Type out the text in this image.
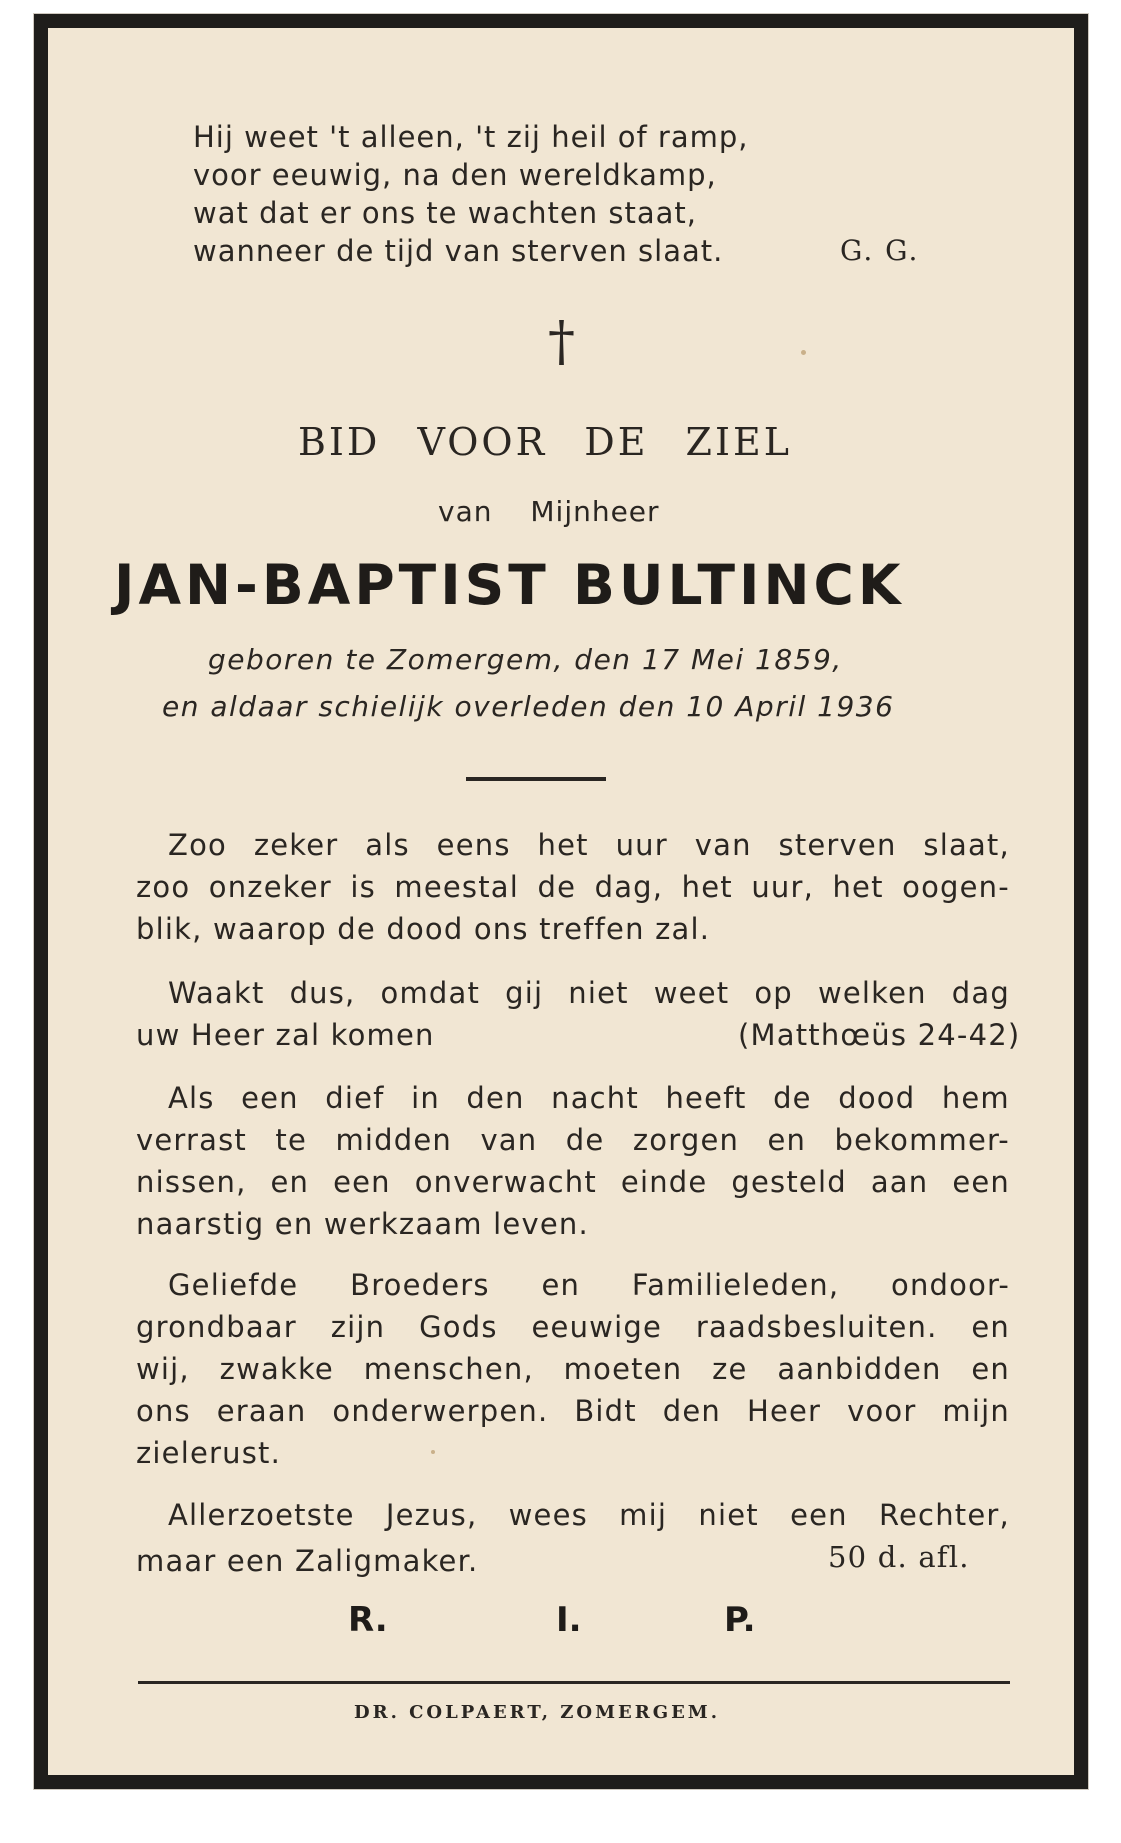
Hij weet 't alleen, 't zij heil of ramp,
voor eeuwig, na den wereldkamp,
wat dat er ons te wachten staat,
wanneer de tijd van sterven slaat.	G. G.
†
BID VOOR DE ZIEL
van Mijnheer
JAN-BAPTIST BULTINCK
geboren te Zomergem, den 17 Mei 1859,
en aldaar schielijk overleden den 10 April 1936
Zoo zeker als eens het uur van sterven slaat,
zoo onzeker is meestal de dag, het uur, het oogen-
blik, waarop de dood ons treffen zal.
Waakt dus, omdat gij niet weet op welken dag
uw Heer zal komen	(Matthœüs 24-42)
Als een dief in den nacht heeft de dood hem
verrast te midden van de zorgen en bekommer-
nissen, en een onverwacht einde gesteld aan een
naarstig en werkzaam leven.
Geliefde Broeders en Familieleden, ondoor-
grondbaar zijn Gods eeuwige raadsbesluiten. en
wij, zwakke menschen, moeten ze aanbidden en
ons eraan onderwerpen. Bidt den Heer voor mijn
zielerust.
Allerzoetste Jezus, wees mij niet een Rechter,
maar een Zaligmaker.	50 d. afl.
R.	I.	P.
DR. COLPAERT, ZOMERGEM.
